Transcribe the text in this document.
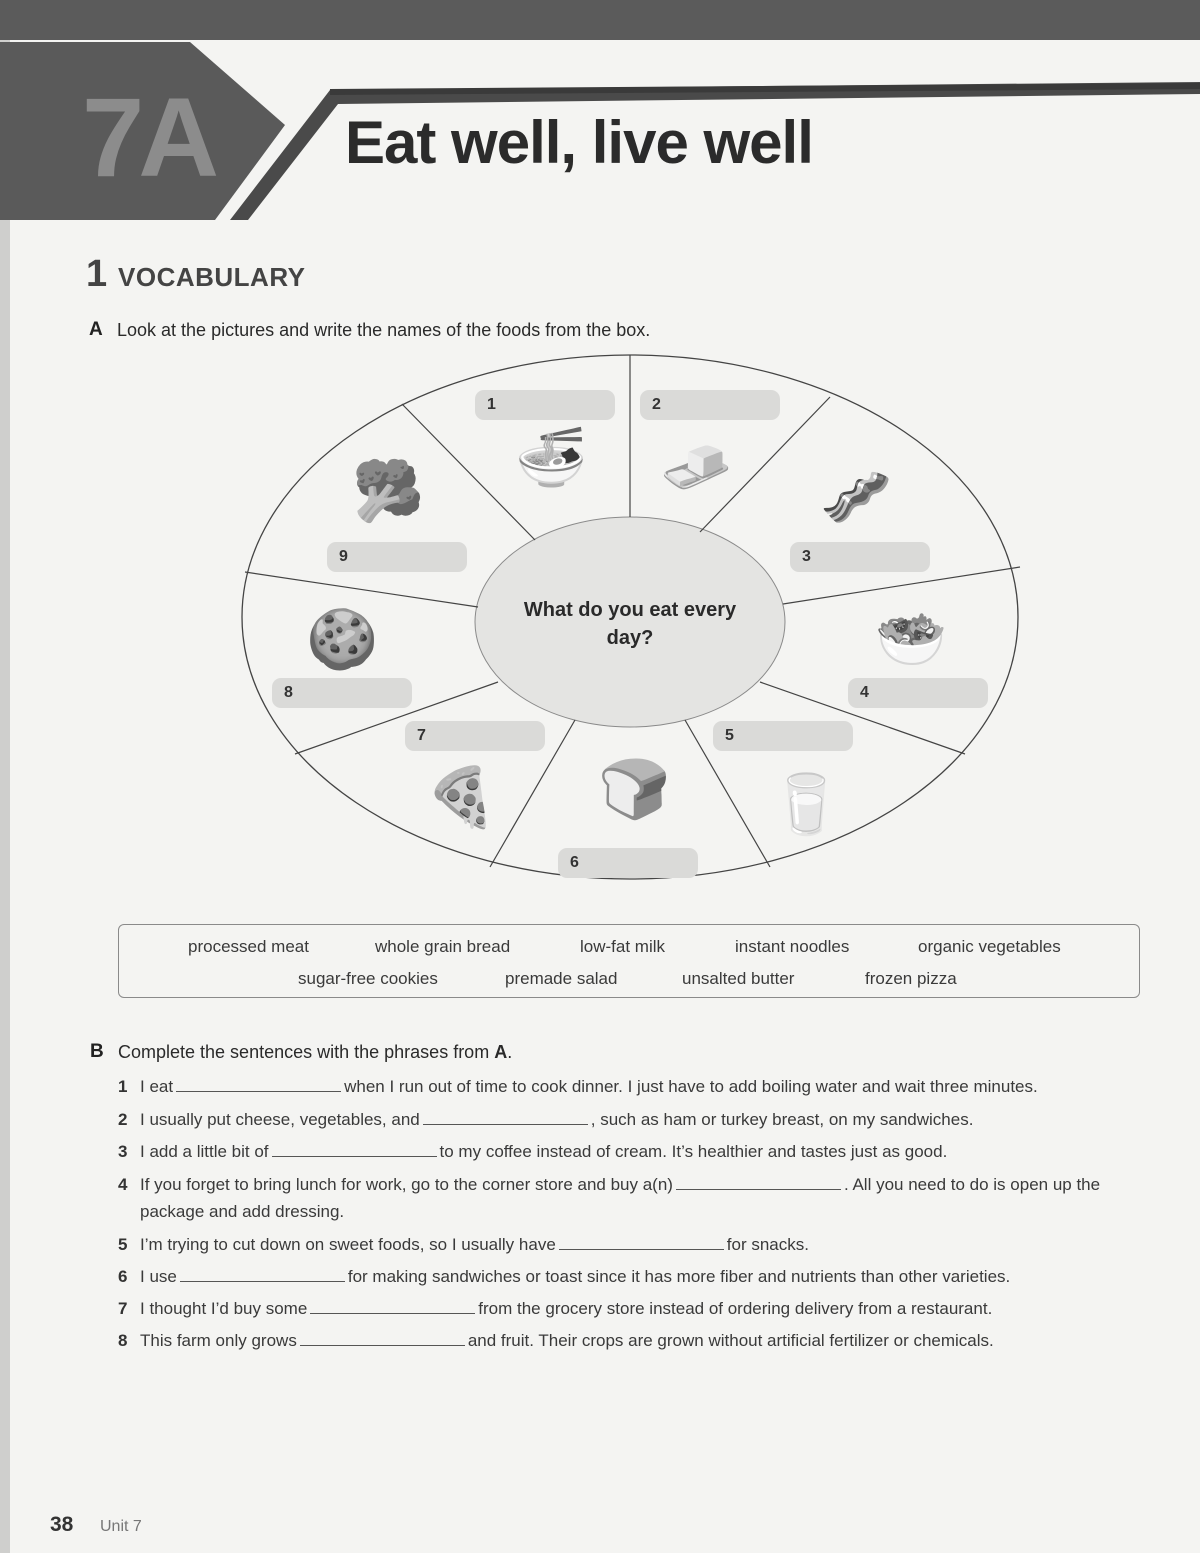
7A	Eat well, live well
1 VOCABULARY
A Look at the pictures and write the names of the foods from the box.
What do you eat every day?
🍜 🧈 🥓
🥗
🥛
🍞
🍕
🍪
🥦
1	2
3
4
5
6
7
8
9
processed meat	whole grain bread	low-fat milk	instant noodles	organic vegetables
sugar-free cookies	premade salad	unsalted butter	frozen pizza
B Complete the sentences with the phrases from A.
1 I eat	when I run out of time to cook dinner. I just have to add boiling water and wait three minutes.
2 I usually put cheese, vegetables, and	, such as ham or turkey breast, on my sandwiches.
3 I add a little bit of	to my coffee instead of cream. It’s healthier and tastes just as good.
4 If you forget to bring lunch for work, go to the corner store and buy a(n)	. All you need to do is open up the package and add dressing.
5 I’m trying to cut down on sweet foods, so I usually have	for snacks.
6 I use	for making sandwiches or toast since it has more fiber and nutrients than other varieties.
7 I thought I’d buy some	from the grocery store instead of ordering delivery from a restaurant.
8 This farm only grows	and fruit. Their crops are grown without artificial fertilizer or chemicals.
38 Unit 7
